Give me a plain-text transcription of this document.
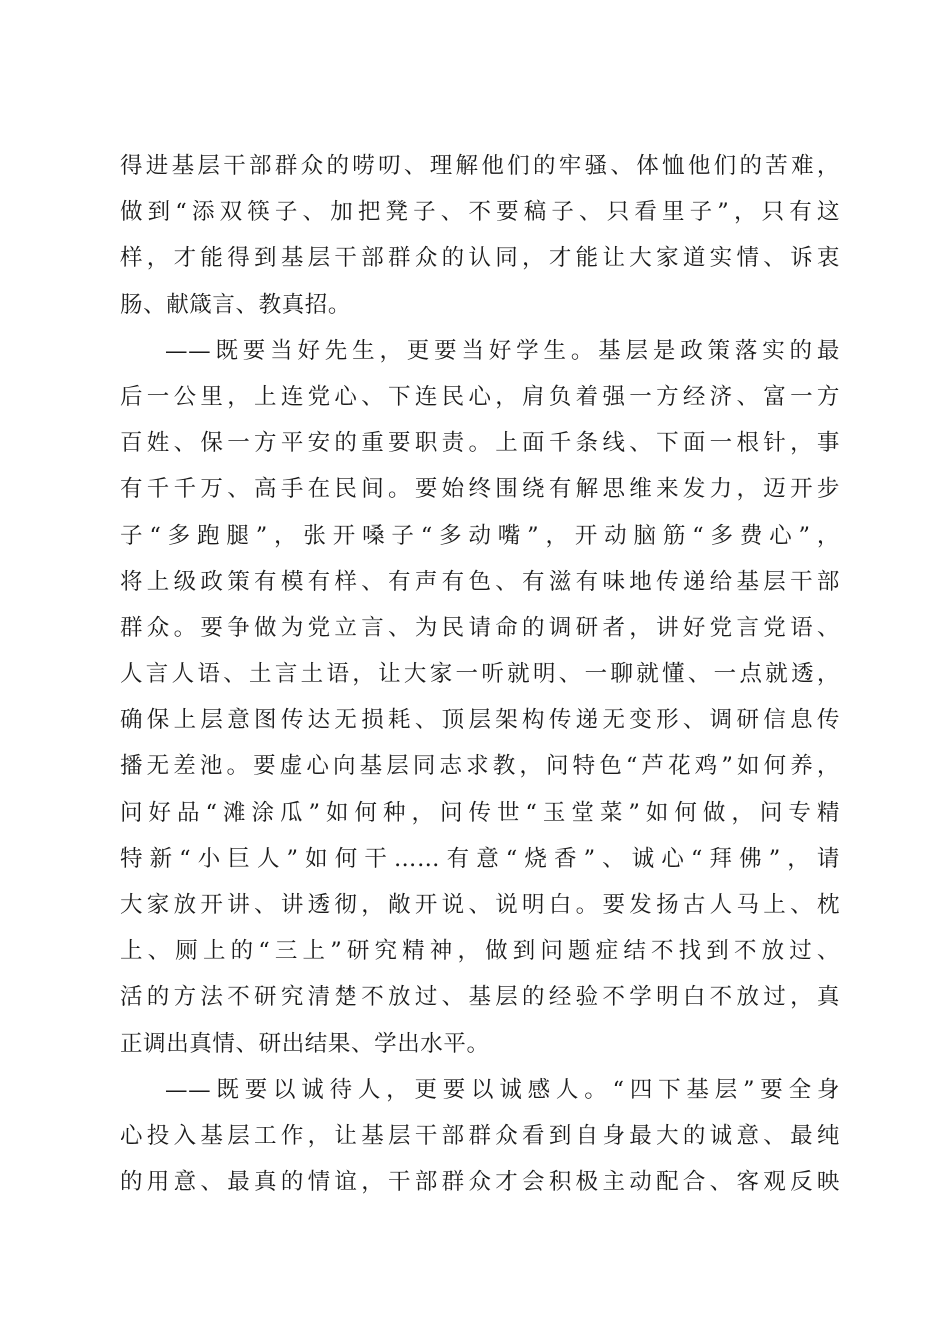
得进基层干部群众的唠叨、理解他们的牢骚、体恤他们的苦难，
做到“添双筷子、加把凳子、不要稿子、只看里子”，只有这
样，才能得到基层干部群众的认同，才能让大家道实情、诉衷
肠、献箴言、教真招。
——既要当好先生，更要当好学生。基层是政策落实的最
后一公里，上连党心、下连民心，肩负着强一方经济、富一方
百姓、保一方平安的重要职责。上面千条线、下面一根针，事
有千千万、高手在民间。要始终围绕有解思维来发力，迈开步
子“多跑腿”，张开嗓子“多动嘴”，开动脑筋“多费心”，
将上级政策有模有样、有声有色、有滋有味地传递给基层干部
群众。要争做为党立言、为民请命的调研者，讲好党言党语、
人言人语、土言土语，让大家一听就明、一聊就懂、一点就透，
确保上层意图传达无损耗、顶层架构传递无变形、调研信息传
播无差池。要虚心向基层同志求教，问特色“芦花鸡”如何养，
问好品“滩涂瓜”如何种，问传世“玉堂菜”如何做，问专精
特新“小巨人”如何干……有意“烧香”、诚心“拜佛”，请
大家放开讲、讲透彻，敞开说、说明白。要发扬古人马上、枕
上、厕上的“三上”研究精神，做到问题症结不找到不放过、
活的方法不研究清楚不放过、基层的经验不学明白不放过，真
正调出真情、研出结果、学出水平。
——既要以诚待人，更要以诚感人。“四下基层”要全身
心投入基层工作，让基层干部群众看到自身最大的诚意、最纯
的用意、最真的情谊，干部群众才会积极主动配合、客观反映
